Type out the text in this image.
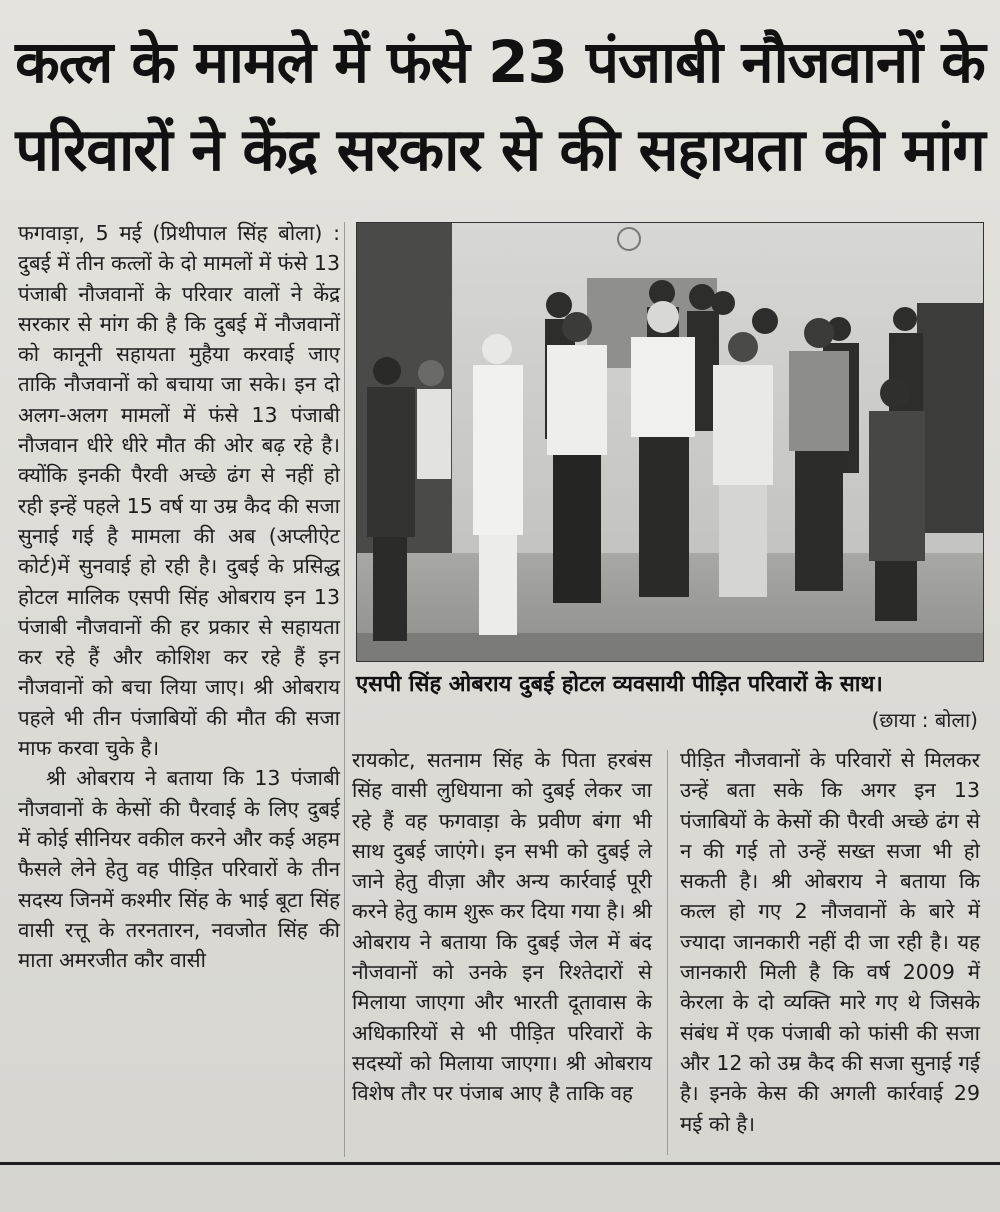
कत्ल के मामले में फंसे 23 पंजाबी नौजवानों के
परिवारों ने केंद्र सरकार से की सहायता की मांग

फगवाड़ा, 5 मई (प्रिथीपाल सिंह बोला) : दुबई में तीन कत्लों के दो मामलों में फंसे 13 पंजाबी नौजवानों के परिवार वालों ने केंद्र सरकार से मांग की है कि दुबई में नौजवानों को कानूनी सहायता मुहैया करवाई जाए ताकि नौजवानों को बचाया जा सके। इन दो अलग-अलग मामलों में फंसे 13 पंजाबी नौजवान धीरे धीरे मौत की ओर बढ़ रहे है। क्योंकि इनकी पैरवी अच्छे ढंग से नहीं हो रही इन्हें पहले 15 वर्ष या उम्र कैद की सजा सुनाई गई है मामला की अब (अप्लीऐट कोर्ट)में सुनवाई हो रही है। दुबई के प्रसिद्ध होटल मालिक एसपी सिंह ओबराय इन 13 पंजाबी नौजवानों की हर प्रकार से सहायता कर रहे हैं और कोशिश कर रहे हैं इन नौजवानों को बचा लिया जाए। श्री ओबराय पहले भी तीन पंजाबियों की मौत की सजा माफ करवा चुके है।

श्री ओबराय ने बताया कि 13 पंजाबी नौजवानों के केसों की पैरवाई के लिए दुबई में कोई सीनियर वकील करने और कई अहम फैसले लेने हेतु वह पीड़ित परिवारों के तीन सदस्य जिनमें कश्मीर सिंह के भाई बूटा सिंह वासी रत्तू के तरनतारन, नवजोत सिंह की माता अमरजीत कौर वासी

एसपी सिंह ओबराय दुबई होटल व्यवसायी पीड़ित परिवारों के साथ।
(छाया : बोला)

रायकोट, सतनाम सिंह के पिता हरबंस सिंह वासी लुधियाना को दुबई लेकर जा रहे हैं वह फगवाड़ा के प्रवीण बंगा भी साथ दुबई जाएंगे। इन सभी को दुबई ले जाने हेतु वीज़ा और अन्य कार्रवाई पूरी करने हेतु काम शुरू कर दिया गया है। श्री ओबराय ने बताया कि दुबई जेल में बंद नौजवानों को उनके इन रिश्तेदारों से मिलाया जाएगा और भारती दूतावास के अधिकारियों से भी पीड़ित परिवारों के सदस्यों को मिलाया जाएगा। श्री ओबराय विशेष तौर पर पंजाब आए है ताकि वह

पीड़ित नौजवानों के परिवारों से मिलकर उन्हें बता सके कि अगर इन 13 पंजाबियों के केसों की पैरवी अच्छे ढंग से न की गई तो उन्हें सख्त सजा भी हो सकती है। श्री ओबराय ने बताया कि कत्ल हो गए 2 नौजवानों के बारे में ज्यादा जानकारी नहीं दी जा रही है। यह जानकारी मिली है कि वर्ष 2009 में केरला के दो व्यक्ति मारे गए थे जिसके संबंध में एक पंजाबी को फांसी की सजा और 12 को उम्र कैद की सजा सुनाई गई है। इनके केस की अगली कार्रवाई 29 मई को है।
